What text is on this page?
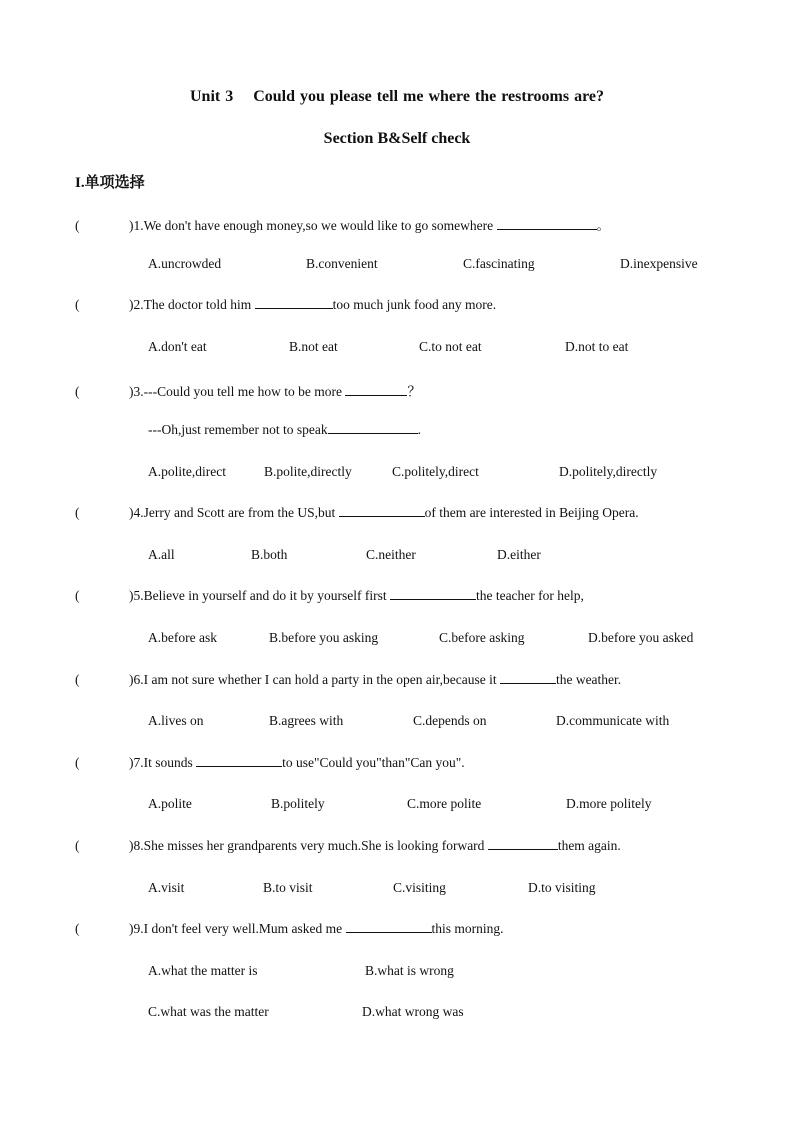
Unit 3    Could you please tell me where the restrooms are?
Section B&Self check
I.单项选择
(	)1.We don't have enough money,so we would like to go somewhere	。
A.uncrowded	B.convenient	C.fascinating	D.inexpensive
(	)2.The doctor told him	too much junk food any more.
A.don't eat	B.not eat	C.to not eat	D.not to eat
(	)3.---Could you tell me how to be more	？
---Oh,just remember not to speak	.
A.polite,direct	B.polite,directly	C.politely,direct	D.politely,directly
(	)4.Jerry and Scott are from the US,but	of them are interested in Beijing Opera.
A.all	B.both	C.neither	D.either
(	)5.Believe in yourself and do it by yourself first	the teacher for help,
A.before ask	B.before you asking	C.before asking	D.before you asked
(	)6.I am not sure whether I can hold a party in the open air,because it	the weather.
A.lives on	B.agrees with	C.depends on	D.communicate with
(	)7.It sounds	to use"Could you"than"Can you".
A.polite	B.politely	C.more polite	D.more politely
(	)8.She misses her grandparents very much.She is looking forward	them again.
A.visit	B.to visit	C.visiting	D.to visiting
(	)9.I don't feel very well.Mum asked me	this morning.
A.what the matter is	B.what is wrong
C.what was the matter	D.what wrong was
